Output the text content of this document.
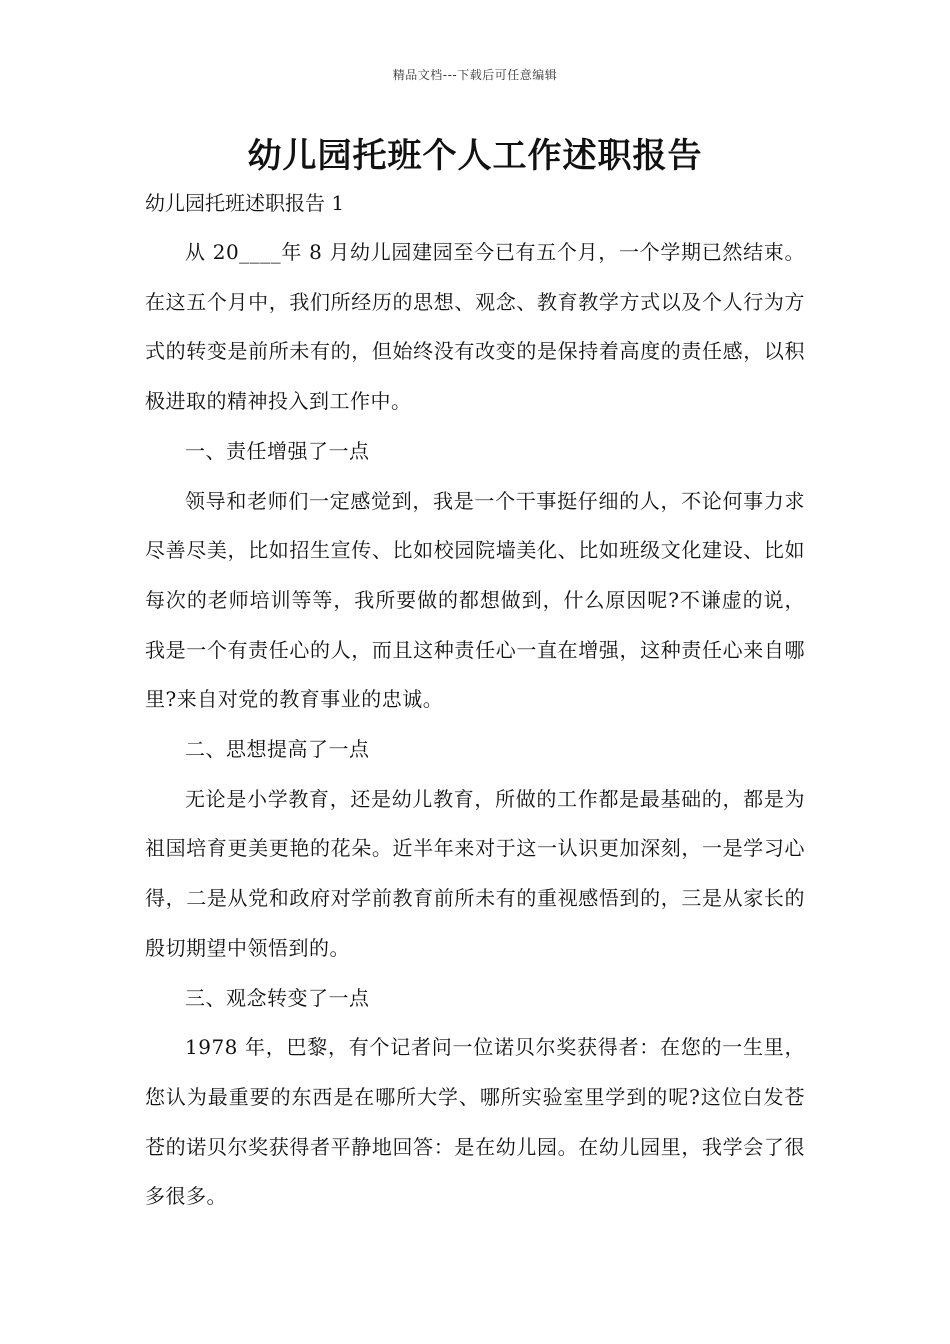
精品文档---下载后可任意编辑
幼儿园托班个人工作述职报告
幼儿园托班述职报告 1

从 20____年 8 月幼儿园建园至今已有五个月，一个学期已然结束。在这五个月中，我们所经历的思想、观念、教育教学方式以及个人行为方式的转变是前所未有的，但始终没有改变的是保持着高度的责任感，以积极进取的精神投入到工作中。

一、责任增强了一点

领导和老师们一定感觉到，我是一个干事挺仔细的人，不论何事力求尽善尽美，比如招生宣传、比如校园院墙美化、比如班级文化建设、比如每次的老师培训等等，我所要做的都想做到，什么原因呢?不谦虚的说，我是一个有责任心的人，而且这种责任心一直在增强，这种责任心来自哪里?来自对党的教育事业的忠诚。

二、思想提高了一点

无论是小学教育，还是幼儿教育，所做的工作都是最基础的，都是为祖国培育更美更艳的花朵。近半年来对于这一认识更加深刻，一是学习心得，二是从党和政府对学前教育前所未有的重视感悟到的，三是从家长的殷切期望中领悟到的。

三、观念转变了一点

1978 年，巴黎，有个记者问一位诺贝尔奖获得者：在您的一生里，您认为最重要的东西是在哪所大学、哪所实验室里学到的呢?这位白发苍苍的诺贝尔奖获得者平静地回答：是在幼儿园。在幼儿园里，我学会了很多很多。
